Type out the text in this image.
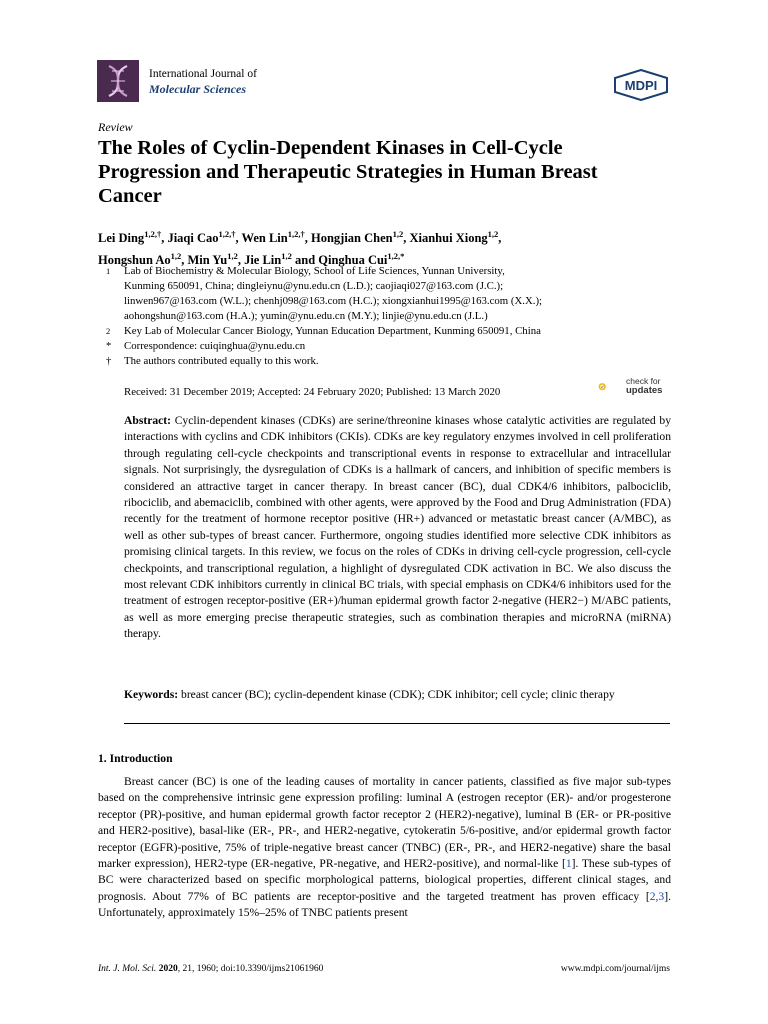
International Journal of
Molecular Sciences	MDPI
Review
The Roles of Cyclin-Dependent Kinases in Cell-Cycle Progression and Therapeutic Strategies in Human Breast Cancer
Lei Ding$^{1,2,\dagger}$, Jiaqi Cao$^{1,2,\dagger}$, Wen Lin$^{1,2,\dagger}$, Hongjian Chen$^{1,2}$, Xianhui Xiong$^{1,2}$,
Hongshun Ao$^{1,2}$, Min Yu$^{1,2}$, Jie Lin$^{1,2}$ and Qinghua Cui$^{1,2,*}$
1	Lab of Biochemistry & Molecular Biology, School of Life Sciences, Yunnan University,
Kunming 650091, China; dingleiynu@ynu.edu.cn (L.D.); caojiaqi027@163.com (J.C.);
linwen967@163.com (W.L.); chenhj098@163.com (H.C.); xiongxianhui1995@163.com (X.X.);
aohongshun@163.com (H.A.); yumin@ynu.edu.cn (M.Y.); linjie@ynu.edu.cn (J.L.)
2	Key Lab of Molecular Cancer Biology, Yunnan Education Department, Kunming 650091, China
*	Correspondence: cuiqinghua@ynu.edu.cn
†	The authors contributed equally to this work.
Received: 31 December 2019; Accepted: 24 February 2020; Published: 13 March 2020
check for
updates
Abstract: Cyclin-dependent kinases (CDKs) are serine/threonine kinases whose catalytic activities are regulated by interactions with cyclins and CDK inhibitors (CKIs). CDKs are key regulatory enzymes involved in cell proliferation through regulating cell-cycle checkpoints and transcriptional events in response to extracellular and intracellular signals. Not surprisingly, the dysregulation of CDKs is a hallmark of cancers, and inhibition of specific members is considered an attractive target in cancer therapy. In breast cancer (BC), dual CDK4/6 inhibitors, palbociclib, ribociclib, and abemaciclib, combined with other agents, were approved by the Food and Drug Administration (FDA) recently for the treatment of hormone receptor positive (HR+) advanced or metastatic breast cancer (A/MBC), as well as other sub-types of breast cancer. Furthermore, ongoing studies identified more selective CDK inhibitors as promising clinical targets. In this review, we focus on the roles of CDKs in driving cell-cycle progression, cell-cycle checkpoints, and transcriptional regulation, a highlight of dysregulated CDK activation in BC. We also discuss the most relevant CDK inhibitors currently in clinical BC trials, with special emphasis on CDK4/6 inhibitors used for the treatment of estrogen receptor-positive (ER+)/human epidermal growth factor 2-negative (HER2−) M/ABC patients, as well as more emerging precise therapeutic strategies, such as combination therapies and microRNA (miRNA) therapy.
Keywords: breast cancer (BC); cyclin-dependent kinase (CDK); CDK inhibitor; cell cycle; clinic therapy
1. Introduction
Breast cancer (BC) is one of the leading causes of mortality in cancer patients, classified as five major sub-types based on the comprehensive intrinsic gene expression profiling: luminal A (estrogen receptor (ER)- and/or progesterone receptor (PR)-positive, and human epidermal growth factor receptor 2 (HER2)-negative), luminal B (ER- or PR-positive and HER2-positive), basal-like (ER-, PR-, and HER2-negative, cytokeratin 5/6-positive, and/or epidermal growth factor receptor (EGFR)-positive, 75% of triple-negative breast cancer (TNBC) (ER-, PR-, and HER2-negative) share the basal marker expression), HER2-type (ER-negative, PR-negative, and HER2-positive), and normal-like [1]. These sub-types of BC were characterized based on specific morphological patterns, biological properties, different clinical stages, and prognosis. About 77% of BC patients are receptor-positive and the targeted treatment has proven efficacy [2,3]. Unfortunately, approximately 15%–25% of TNBC patients present
Int. J. Mol. Sci. 2020, 21, 1960; doi:10.3390/ijms21061960	www.mdpi.com/journal/ijms
